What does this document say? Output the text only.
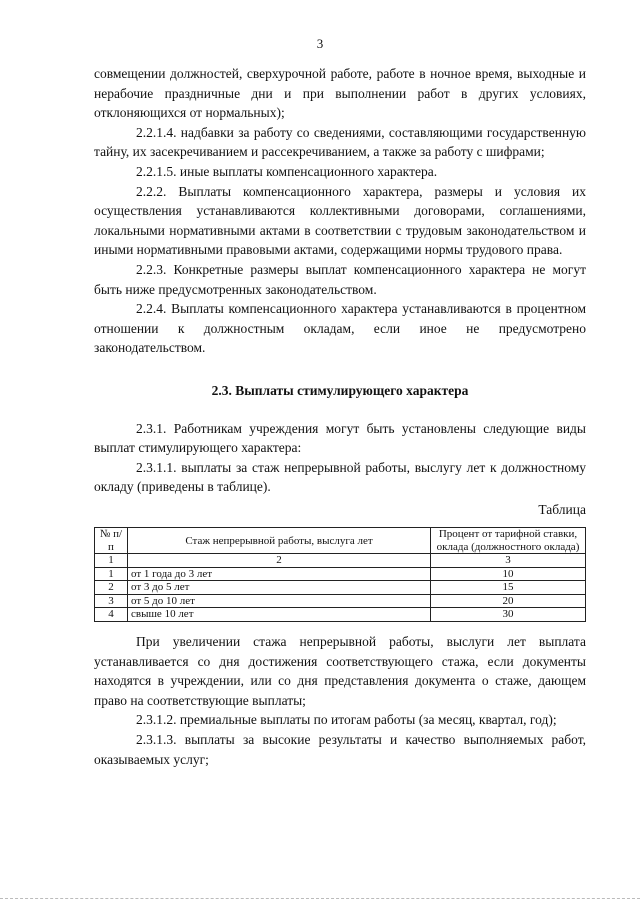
3

совмещении должностей, сверхурочной работе, работе в ночное время, выходные и нерабочие праздничные дни и при выполнении работ в других условиях, отклоняющихся от нормальных);

2.2.1.4. надбавки за работу со сведениями, составляющими государственную тайну, их засекречиванием и рассекречиванием, а также за работу с шифрами;

2.2.1.5. иные выплаты компенсационного характера.

2.2.2. Выплаты компенсационного характера, размеры и условия их осуществления устанавливаются коллективными договорами, соглашениями, локальными нормативными актами в соответствии с трудовым законодательством и иными нормативными правовыми актами, содержащими нормы трудового права.

2.2.3. Конкретные размеры выплат компенсационного характера не могут быть ниже предусмотренных законодательством.

2.2.4. Выплаты компенсационного характера устанавливаются в процентном отношении к должностным окладам, если иное не предусмотрено законодательством.

2.3. Выплаты стимулирующего характера

2.3.1. Работникам учреждения могут быть установлены следующие виды выплат стимулирующего характера:

2.3.1.1. выплаты за стаж непрерывной работы, выслугу лет к должностному окладу (приведены в таблице).

Таблица

№ п/п	Стаж непрерывной работы, выслуга лет	Процент от тарифной ставки, оклада (должностного оклада)
1	2	3
1	от 1 года до 3 лет	10
2	от 3 до 5 лет	15
3	от 5 до 10 лет	20
4	свыше 10 лет	30

При увеличении стажа непрерывной работы, выслуги лет выплата устанавливается со дня достижения соответствующего стажа, если документы находятся в учреждении, или со дня представления документа о стаже, дающем право на соответствующие выплаты;

2.3.1.2. премиальные выплаты по итогам работы (за месяц, квартал, год);

2.3.1.3. выплаты за высокие результаты и качество выполняемых работ, оказываемых услуг;
